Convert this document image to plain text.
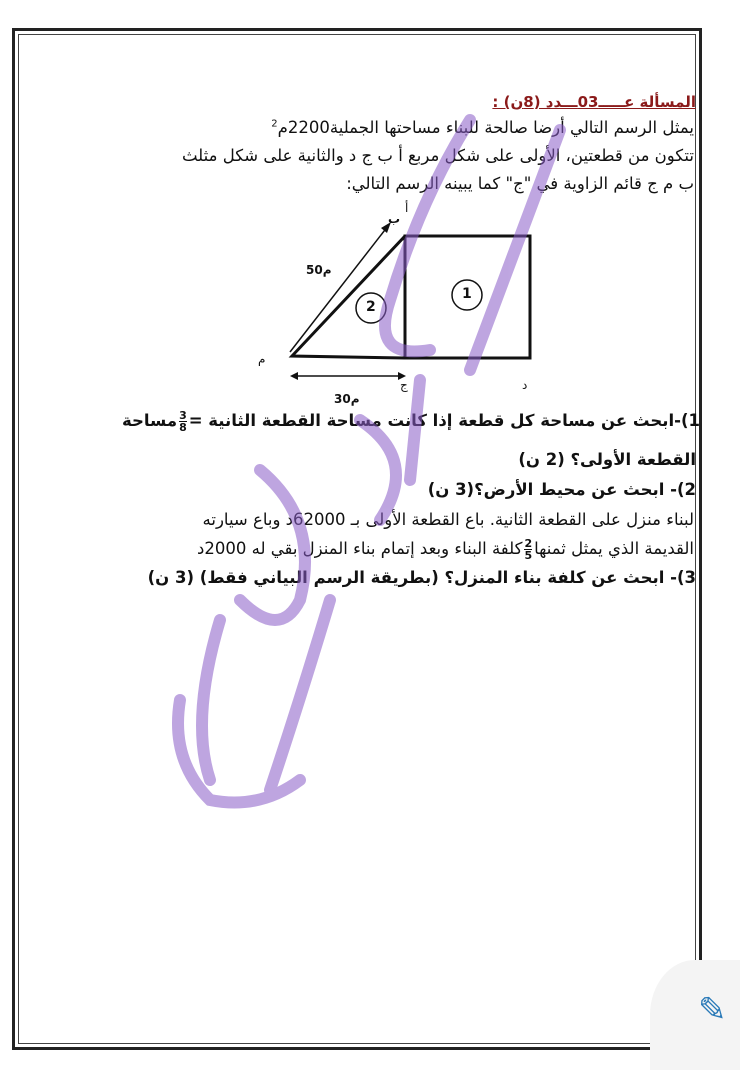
المسألة عـــــ03ـــدد (8ن) :
يمثل الرسم التالي أرضا صالحة للبناء مساحتها الجملية2200م$^2$
تتكون من قطعتين، الأولى على شكل مربع أ ب ج د والثانية على شكل مثلث
ب م ج قائم الزاوية في "ج" كما يبينه الرسم التالي:
أ
ب
م
ج	د
50م
30م
1
2
1)-ابحث عن مساحة كل قطعة إذا كانت مساحة القطعة الثانية =
$\frac{3}{8}$
مساحة
القطعة الأولى؟ (2 ن)
2)- ابحث عن محيط الأرض؟(3 ن)
لبناء منزل على القطعة الثانية. باع القطعة الأولى بـ 62000د وباع سيارته
القديمة الذي يمثل ثمنها
$\frac{2}{5}$
كلفة البناء وبعد إتمام بناء المنزل بقي له 2000د
3)- ابحث عن كلفة بناء المنزل؟ (بطريقة الرسم البياني فقط) (3 ن)
✎
